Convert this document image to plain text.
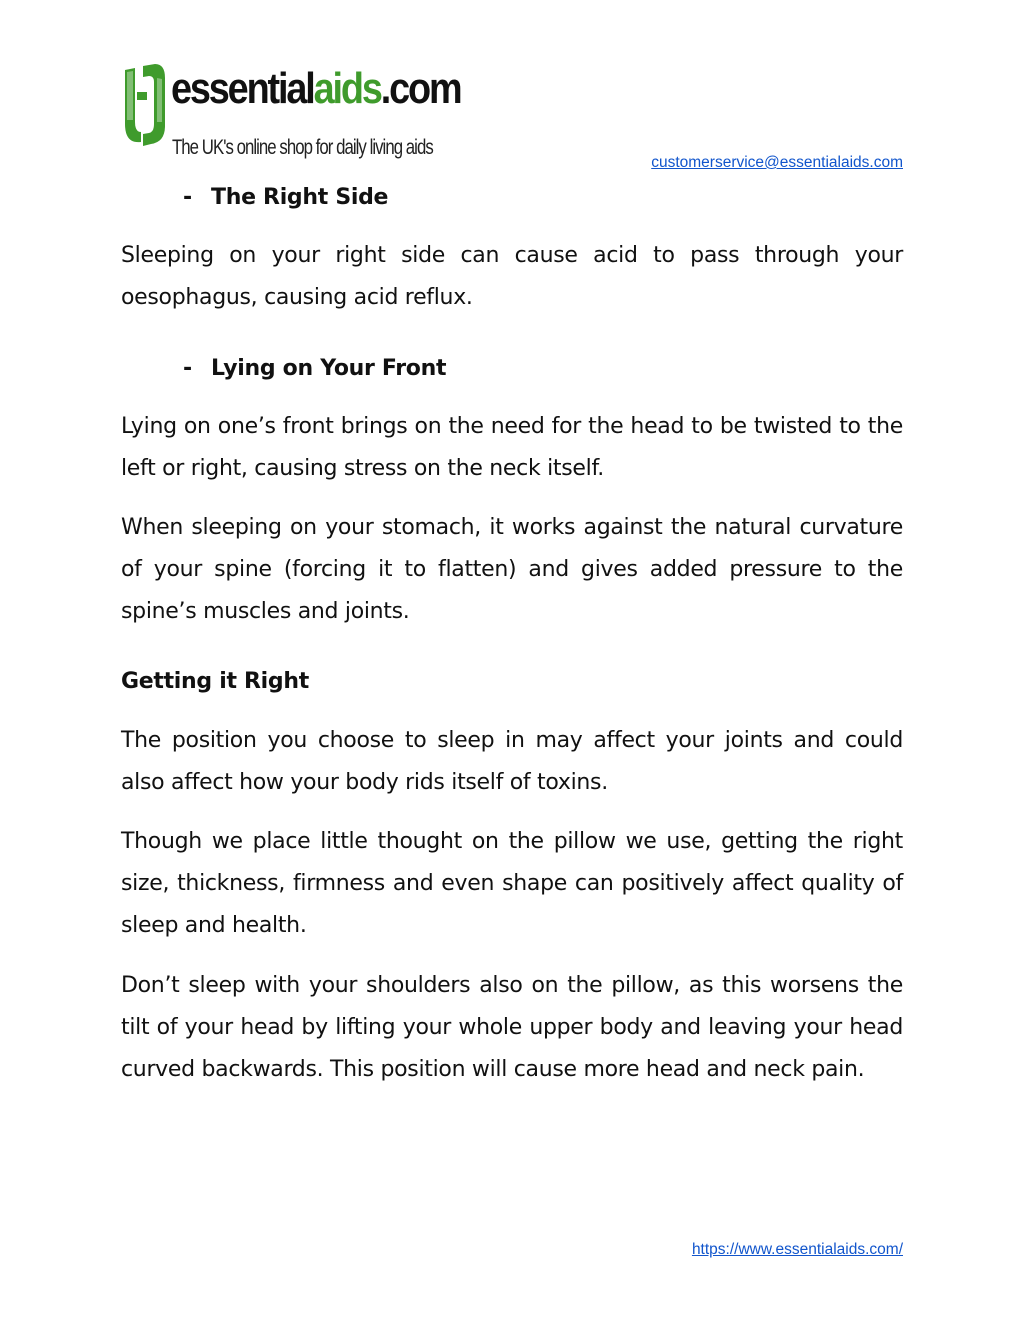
essentialaids.com
The UK's online shop for daily living aids
customerservice@essentialaids.com
- The Right Side

Sleeping on your right side can cause acid to pass through your oesophagus, causing acid reflux.

- Lying on Your Front

Lying on one’s front brings on the need for the head to be twisted to the left or right, causing stress on the neck itself.

When sleeping on your stomach, it works against the natural curvature of your spine (forcing it to flatten) and gives added pressure to the spine’s muscles and joints.

Getting it Right

The position you choose to sleep in may affect your joints and could also affect how your body rids itself of toxins.

Though we place little thought on the pillow we use, getting the right size, thickness, firmness and even shape can positively affect quality of sleep and health.

Don’t sleep with your shoulders also on the pillow, as this worsens the tilt of your head by lifting your whole upper body and leaving your head curved backwards. This position will cause more head and neck pain.

https://www.essentialaids.com/
